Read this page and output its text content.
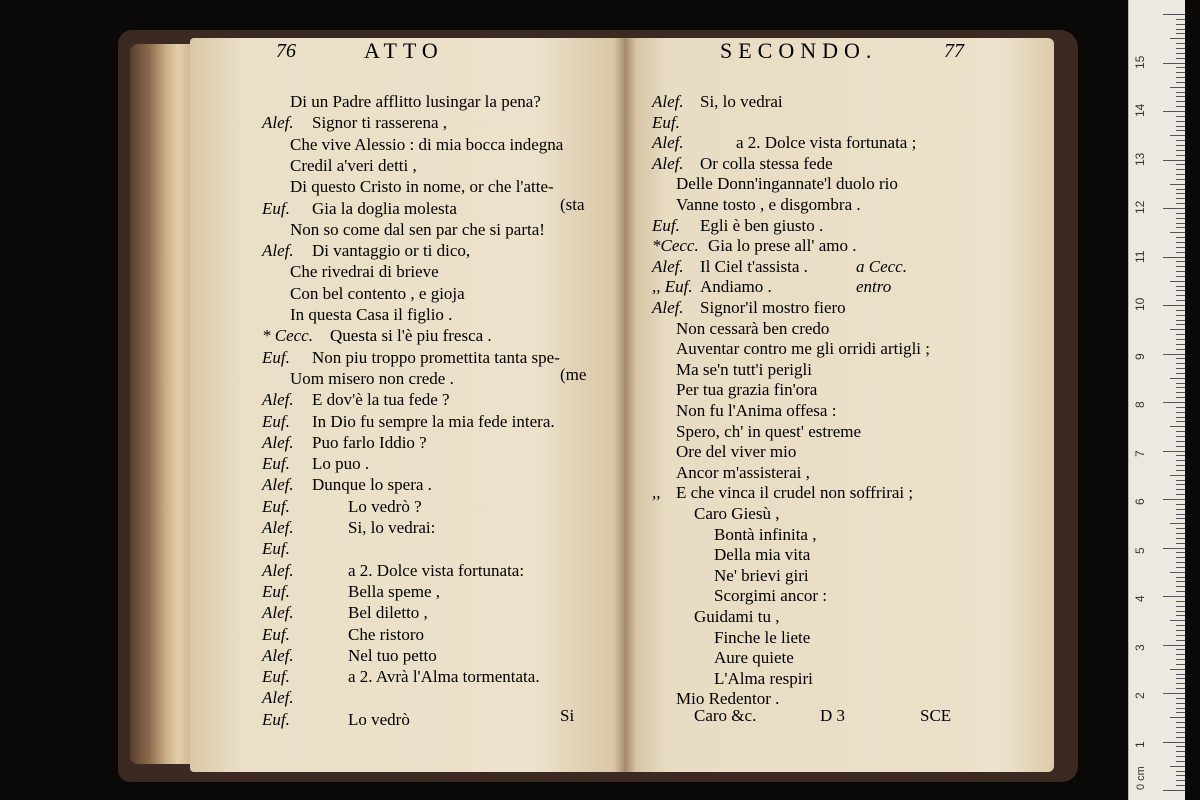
76	ATTO	SECONDO.	77
Di un Padre afflitto lusingar la pena?
Alef. Signor ti rasserena ,
Che vive Alessio : di mia bocca indegna
Credil a'veri detti ,
Di questo Cristo in nome, or che l'atte-
Euf. Gia la doglia molesta	(sta
Non so come dal sen par che si parta!
Alef. Di vantaggio or ti dico,
Che rivedrai di brieve
Con bel contento , e gioja
In questa Casa il figlio .
* Cecc. Questa si l'è piu fresca .
Euf. Non piu troppo promettita tanta spe-
Uom misero non crede .	(me
Alef. E dov'è la tua fede ?
Euf. In Dio fu sempre la mia fede intera.
Alef. Puo farlo Iddio ?
Euf. Lo puo .
Alef. Dunque lo spera .
Euf.	Lo vedrò ?
Alef.	Si, lo vedrai:
Euf.
Alef.	a 2. Dolce vista fortunata:
Euf.	Bella speme ,
Alef.	Bel diletto ,
Euf.	Che ristoro
Alef.	Nel tuo petto
Euf.	a 2. Avrà l'Alma tormentata.
Alef.
Euf.	Lo vedrò	Si
Alef. Si, lo vedrai
Euf.
Alef.	a 2. Dolce vista fortunata ;
Alef. Or colla stessa fede
Delle Donn'ingannate'l duolo rio
Vanne tosto , e disgombra .
Euf. Egli è ben giusto .
*Cecc. Gia lo prese all' amo .
Alef. Il Ciel t'assista .	a Cecc.
,, Euf. Andiamo .	entro
Alef. Signor'il mostro fiero
Non cessarà ben credo
Auventar contro me gli orridi artigli ;
Ma se'n tutt'i perigli
Per tua grazia fin'ora
Non fu l'Anima offesa :
Spero, ch' in quest' estreme
Ore del viver mio
Ancor m'assisterai ,
,, E che vinca il crudel non soffrirai ;
Caro Giesù ,
Bontà infinita ,
Della mia vita
Ne' brievi giri
Scorgimi ancor :
Guidami tu ,
Finche le liete
Aure quiete
L'Alma respiri
Mio Redentor .
Caro &c.	D 3	SCE
0 cm
1
2
3
4
5
6
7
8
9
10
11
12
13
14
15
